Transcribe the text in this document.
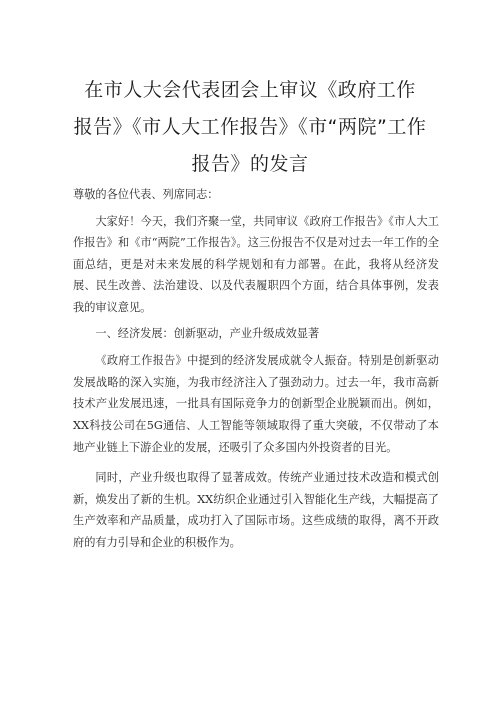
在市人大会代表团会上审议《政府工作
报告》《市人大工作报告》《市“两院”工作
报告》的发言

尊敬的各位代表、列席同志：

大家好！今天，我们齐聚一堂，共同审议《政府工作报告》《市人大工作报告》和《市“两院”工作报告》。这三份报告不仅是对过去一年工作的全面总结，更是对未来发展的科学规划和有力部署。在此，我将从经济发展、民生改善、法治建设、以及代表履职四个方面，结合具体事例，发表我的审议意见。

一、经济发展：创新驱动，产业升级成效显著

《政府工作报告》中提到的经济发展成就令人振奋。特别是创新驱动发展战略的深入实施，为我市经济注入了强劲动力。过去一年，我市高新技术产业发展迅速，一批具有国际竞争力的创新型企业脱颖而出。例如，XX科技公司在5G通信、人工智能等领域取得了重大突破，不仅带动了本地产业链上下游企业的发展，还吸引了众多国内外投资者的目光。

同时，产业升级也取得了显著成效。传统产业通过技术改造和模式创新，焕发出了新的生机。XX纺织企业通过引入智能化生产线，大幅提高了生产效率和产品质量，成功打入了国际市场。这些成绩的取得，离不开政府的有力引导和企业的积极作为。
